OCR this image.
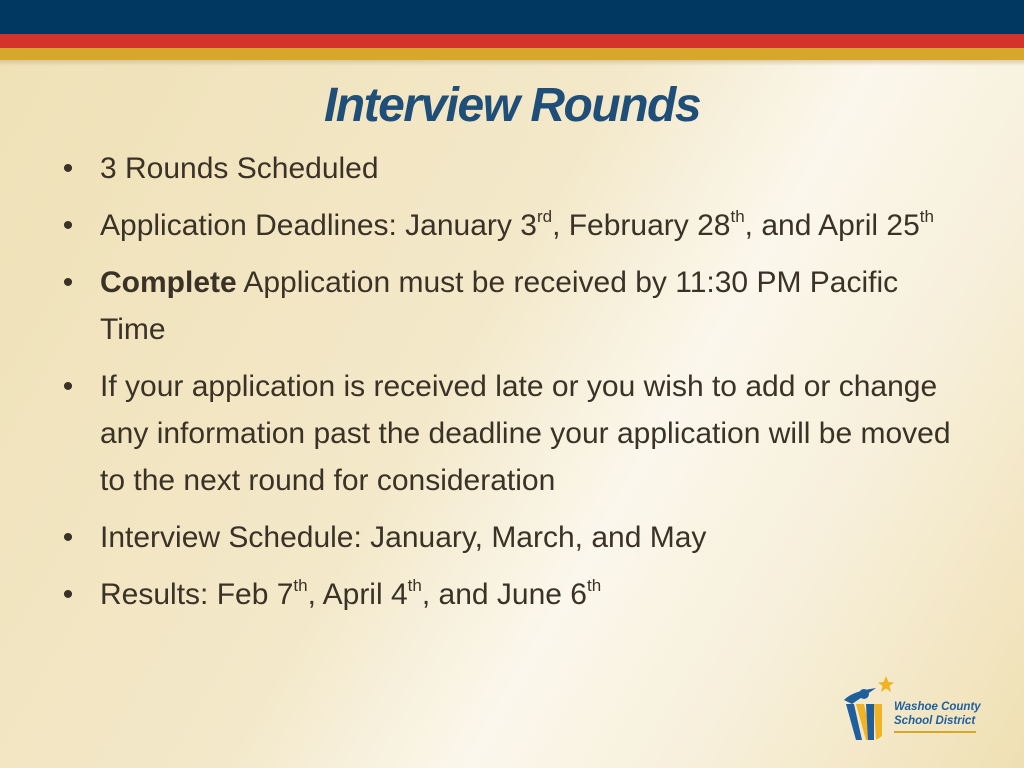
Interview Rounds
• 3 Rounds Scheduled
• Application Deadlines: January 3rd, February 28th, and April 25th
• Complete Application must be received by 11:30 PM Pacific Time
• If your application is received late or you wish to add or change any information past the deadline your application will be moved to the next round for consideration
• Interview Schedule: January, March, and May
• Results: Feb 7th, April 4th, and June 6th
Washoe County
School District
